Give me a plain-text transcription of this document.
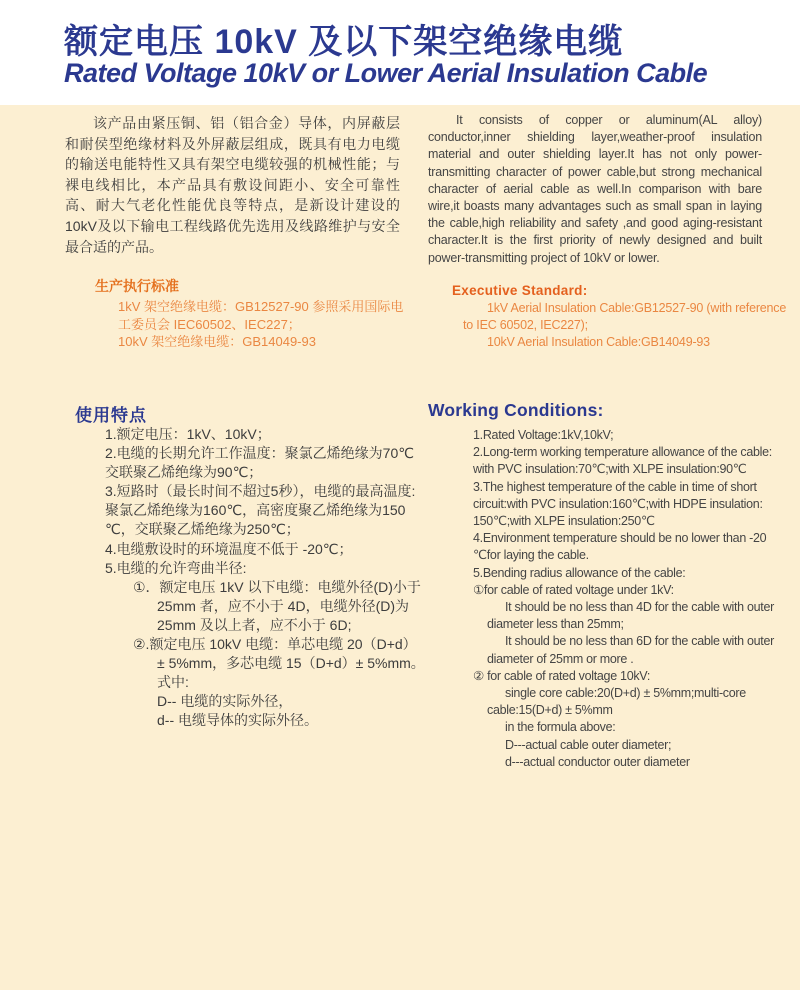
额定电压 10kV 及以下架空绝缘电缆
Rated Voltage 10kV or Lower Aerial Insulation Cable
该产品由紧压铜、铝（铝合金）导体，内屏蔽层和耐侯型绝缘材料及外屏蔽层组成，既具有电力电缆的输送电能特性又具有架空电缆较强的机械性能；与裸电线相比，本产品具有敷设间距小、安全可靠性高、耐大气老化性能优良等特点，是新设计建设的10kV及以下输电工程线路优先选用及线路维护与安全最合适的产品。
It consists of copper or aluminum(AL alloy) conductor,inner shielding layer,weather-proof insulation material and outer shielding layer.It has not only power-transmitting character of power cable,but strong mechanical character of aerial cable as well.In comparison with bare wire,it boasts many advantages such as small span in laying the cable,high reliability and safety ,and good aging-resistant character.It is the first priority of newly designed and built power-transmitting project of 10kV or lower.
生产执行标准
1kV 架空绝缘电缆：GB12527-90 参照采用国际电
工委员会 IEC60502、IEC227；
10kV 架空绝缘电缆：GB14049-93
Executive Standard:
1kV Aerial Insulation Cable:GB12527-90 (with reference
to IEC 60502, IEC227);
10kV Aerial Insulation Cable:GB14049-93
使用特点
1.额定电压：1kV、10kV；
2.电缆的长期允许工作温度：聚氯乙烯绝缘为70℃
交联聚乙烯绝缘为90℃；
3.短路时（最长时间不超过5秒），电缆的最高温度:
聚氯乙烯绝缘为160℃，高密度聚乙烯绝缘为150
℃，交联聚乙烯绝缘为250℃；
4.电缆敷设时的环境温度不低于 -20℃；
5.电缆的允许弯曲半径:
①．额定电压 1kV 以下电缆：电缆外径(D)小于
25mm 者，应不小于 4D，电缆外径(D)为
25mm 及以上者，应不小于 6D;
②.额定电压 10kV 电缆：单芯电缆 20（D+d）
± 5%mm，多芯电缆 15（D+d）± 5%mm。
式中:
D-- 电缆的实际外径，
d-- 电缆导体的实际外径。
Working Conditions:
1.Rated Voltage:1kV,10kV;
2.Long-term working temperature allowance of the cable:
with PVC insulation:70℃;with XLPE insulation:90℃
3.The highest temperature of the cable in time of short
circuit:with PVC insulation:160℃;with HDPE insulation:
150℃;with XLPE insulation:250℃
4.Environment temperature should be no lower than -20
℃for laying the cable.
5.Bending radius allowance of the cable:
①for cable of rated voltage under 1kV:
It should be no less than 4D for the cable with outer
diameter less than 25mm;
It should be no less than 6D for the cable with outer
diameter of 25mm or more .
② for cable of rated voltage 10kV:
single core cable:20(D+d) ± 5%mm;multi-core
cable:15(D+d) ± 5%mm
in the formula above:
D---actual cable outer diameter;
d---actual conductor outer diameter
